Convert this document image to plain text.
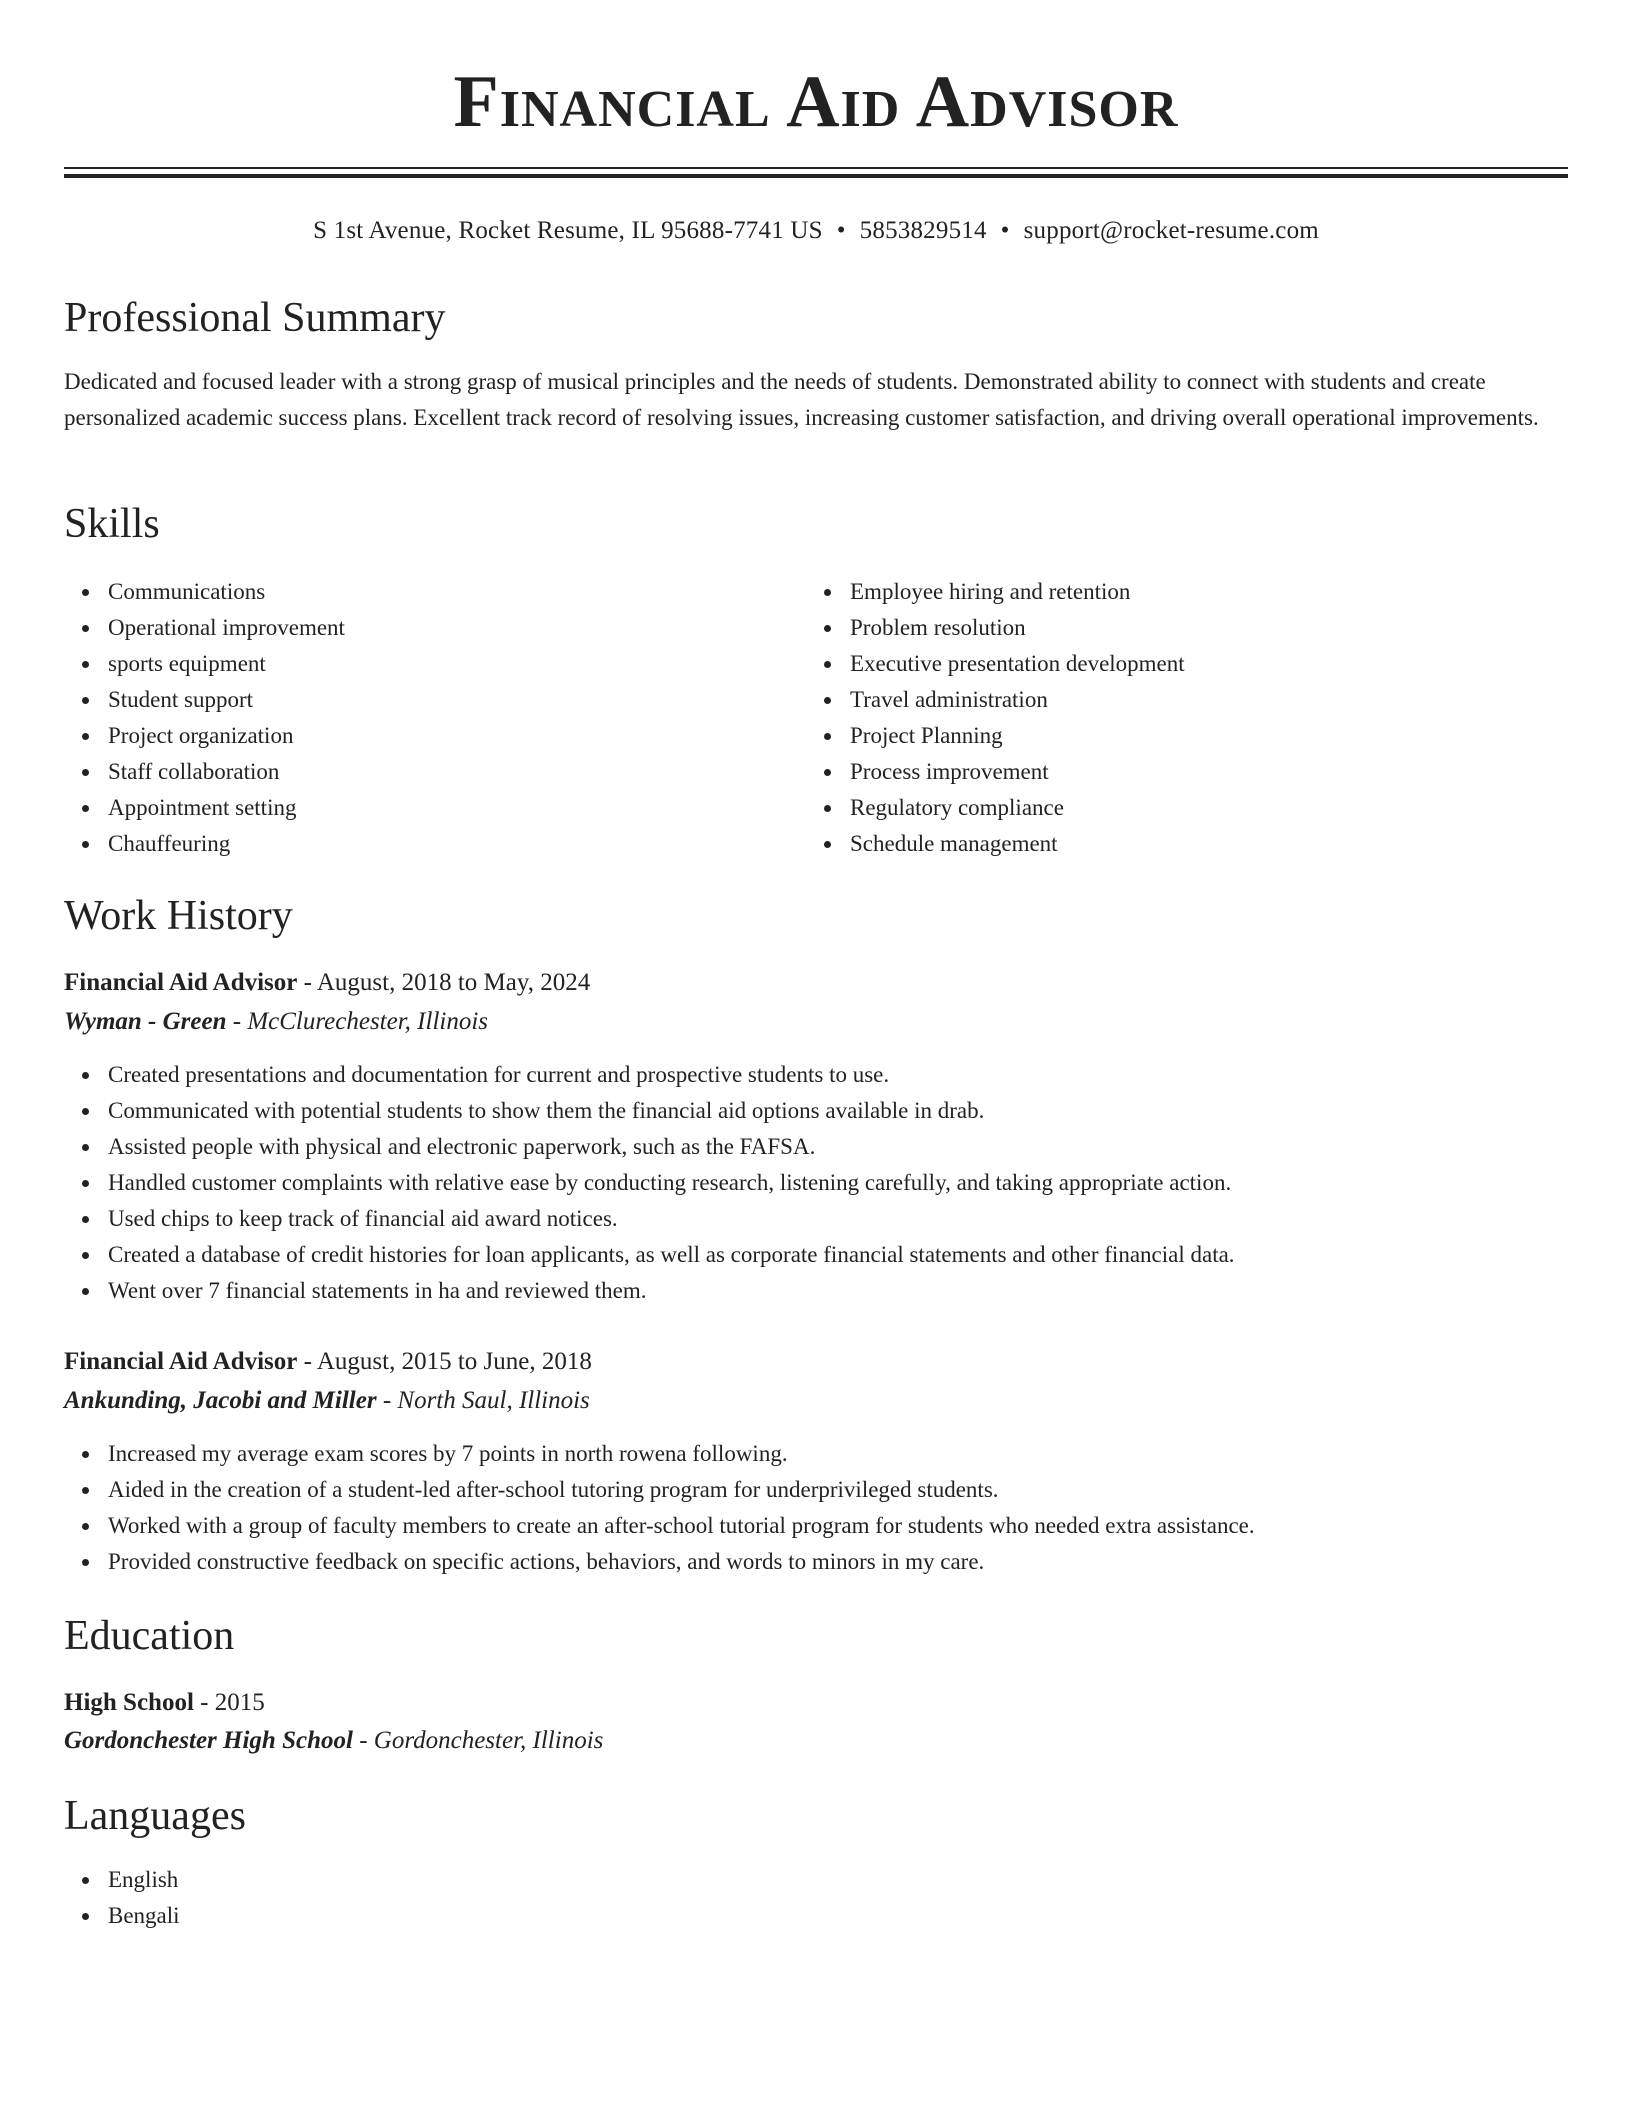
Financial Aid Advisor
S 1st Avenue, Rocket Resume, IL 95688-7741 US • 5853829514 • support@rocket-resume.com
Professional Summary

Dedicated and focused leader with a strong grasp of musical principles and the needs of students. Demonstrated ability to connect with students and create personalized academic success plans. Excellent track record of resolving issues, increasing customer satisfaction, and driving overall operational improvements.

Skills
Communications
Operational improvement
sports equipment
Student support
Project organization
Staff collaboration
Appointment setting
Chauffeuring
Employee hiring and retention
Problem resolution
Executive presentation development
Travel administration
Project Planning
Process improvement
Regulatory compliance
Schedule management
Work History
Financial Aid Advisor - August, 2018 to May, 2024
Wyman - Green - McClurechester, Illinois
Created presentations and documentation for current and prospective students to use.
Communicated with potential students to show them the financial aid options available in drab.
Assisted people with physical and electronic paperwork, such as the FAFSA.
Handled customer complaints with relative ease by conducting research, listening carefully, and taking appropriate action.
Used chips to keep track of financial aid award notices.
Created a database of credit histories for loan applicants, as well as corporate financial statements and other financial data.
Went over 7 financial statements in ha and reviewed them.
Financial Aid Advisor - August, 2015 to June, 2018
Ankunding, Jacobi and Miller - North Saul, Illinois
Increased my average exam scores by 7 points in north rowena following.
Aided in the creation of a student-led after-school tutoring program for underprivileged students.
Worked with a group of faculty members to create an after-school tutorial program for students who needed extra assistance.
Provided constructive feedback on specific actions, behaviors, and words to minors in my care.
Education
High School - 2015
Gordonchester High School - Gordonchester, Illinois
Languages
English
Bengali
